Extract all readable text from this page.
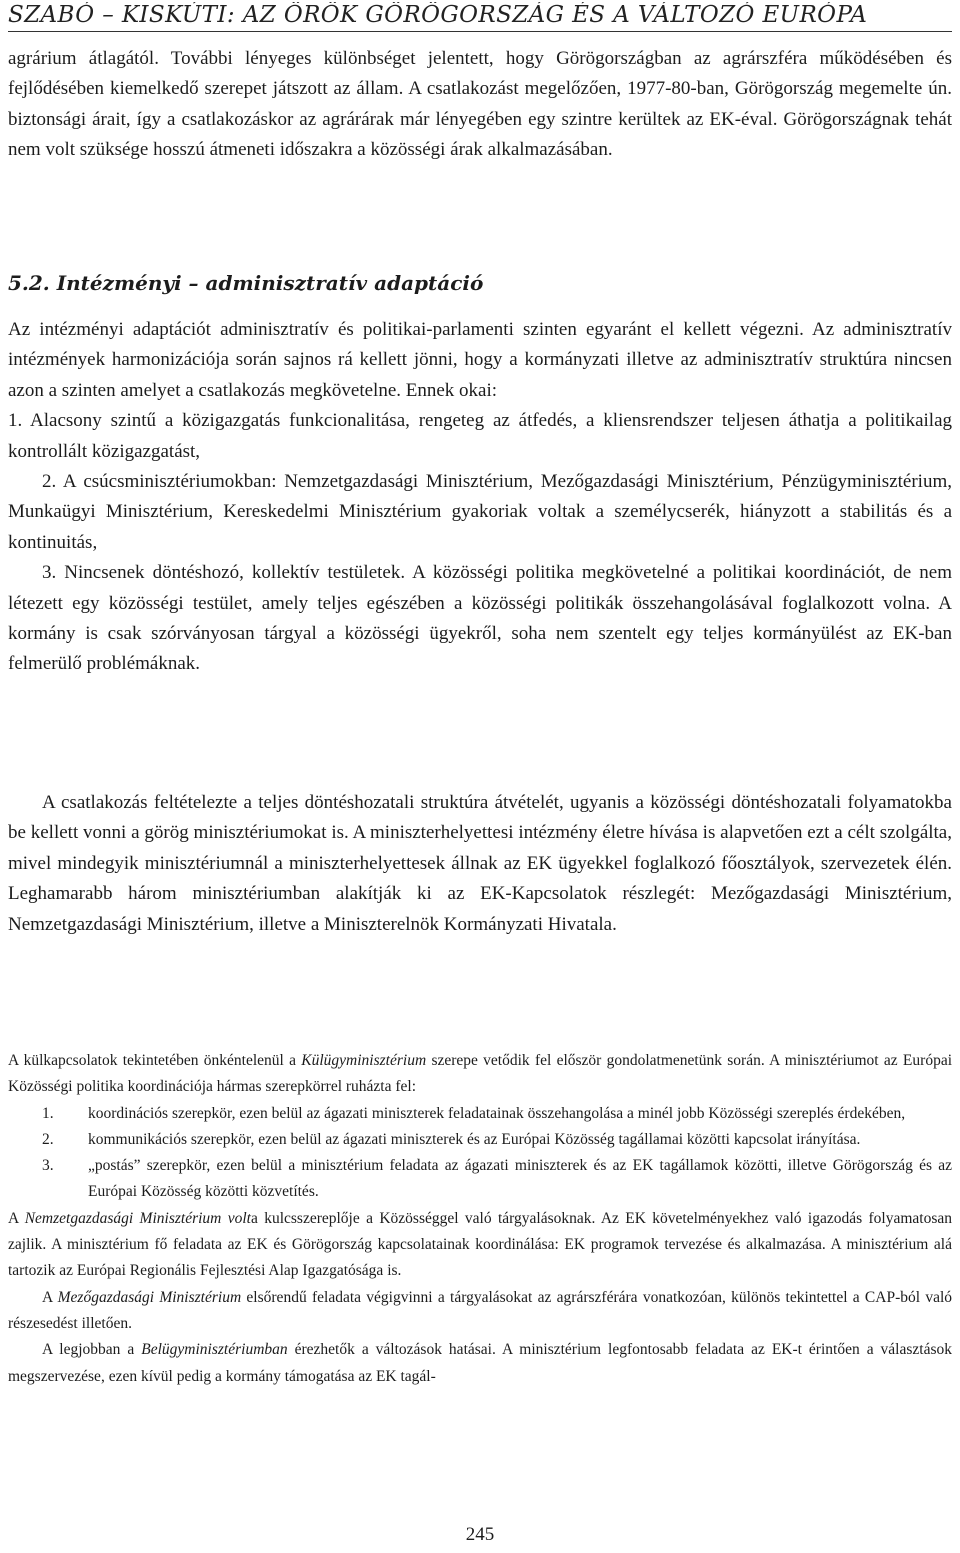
SZABÓ – KISKÚTI: AZ ÖRÖK GÖRÖGORSZÁG ÉS A VÁLTOZÓ EURÓPA

agrárium átlagától. További lényeges különbséget jelentett, hogy Görögországban az agrárszféra működésében és fejlődésében kiemelkedő szerepet játszott az állam. A csatlakozást megelőzően, 1977-80-ban, Görögország megemelte ún. biztonsági árait, így a csatlakozáskor az agrárárak már lényegében egy szintre kerültek az EK-éval. Görögországnak tehát nem volt szüksége hosszú átmeneti időszakra a közösségi árak alkalmazásában.

5.2. Intézményi – adminisztratív adaptáció

Az intézményi adaptációt adminisztratív és politikai-parlamenti szinten egyaránt el kellett végezni. Az adminisztratív intézmények harmonizációja során sajnos rá kellett jönni, hogy a kormányzati illetve az adminisztratív struktúra nincsen azon a szinten amelyet a csatlakozás megkövetelne. Ennek okai:

1. Alacsony szintű a közigazgatás funkcionalitása, rengeteg az átfedés, a kliensrendszer teljesen áthatja a politikailag kontrollált közigazgatást,

2. A csúcsminisztériumokban: Nemzetgazdasági Minisztérium, Mezőgazdasági Minisztérium, Pénzügyminisztérium, Munkaügyi Minisztérium, Kereskedelmi Minisztérium gyakoriak voltak a személycserék, hiányzott a stabilitás és a kontinuitás,

3. Nincsenek döntéshozó, kollektív testületek. A közösségi politika megkövetelné a politikai koordinációt, de nem létezett egy közösségi testület, amely teljes egészében a közösségi politikák összehangolásával foglalkozott volna. A kormány is csak szórványosan tárgyal a közösségi ügyekről, soha nem szentelt egy teljes kormányülést az EK-ban felmerülő problémáknak.

A csatlakozás feltételezte a teljes döntéshozatali struktúra átvételét, ugyanis a közösségi döntéshozatali folyamatokba be kellett vonni a görög minisztériumokat is. A miniszterhelyettesi intézmény életre hívása is alapvetően ezt a célt szolgálta, mivel mindegyik minisztériumnál a miniszterhelyettesek állnak az EK ügyekkel foglalkozó főosztályok, szervezetek élén. Leghamarabb három minisztériumban alakítják ki az EK-Kapcsolatok részlegét: Mezőgazdasági Minisztérium, Nemzetgazdasági Minisztérium, illetve a Miniszterelnök Kormányzati Hivatala.

A külkapcsolatok tekintetében önkéntelenül a Külügyminisztérium szerepe vetődik fel először gondolatmenetünk során. A minisztériumot az Európai Közösségi politika koordinációja hármas szerepkörrel ruházta fel:

1. koordinációs szerepkör, ezen belül az ágazati miniszterek feladatainak összehangolása a minél jobb Közösségi szereplés érdekében,
2. kommunikációs szerepkör, ezen belül az ágazati miniszterek és az Európai Közösség tagállamai közötti kapcsolat irányítása.
3. „postás” szerepkör, ezen belül a minisztérium feladata az ágazati miniszterek és az EK tagállamok közötti, illetve Görögország és az Európai Közösség közötti közvetítés.

A Nemzetgazdasági Minisztérium volta kulcsszereplője a Közösséggel való tárgyalásoknak. Az EK követelményekhez való igazodás folyamatosan zajlik. A minisztérium fő feladata az EK és Görögország kapcsolatainak koordinálása: EK programok tervezése és alkalmazása. A minisztérium alá tartozik az Európai Regionális Fejlesztési Alap Igazgatósága is.

A Mezőgazdasági Minisztérium elsőrendű feladata végigvinni a tárgyalásokat az agrárszférára vonatkozóan, különös tekintettel a CAP-ból való részesedést illetően.

A legjobban a Belügyminisztériumban érezhetők a változások hatásai. A minisztérium legfontosabb feladata az EK-t érintően a választások megszervezése, ezen kívül pedig a kormány támogatása az EK tagál-

245
